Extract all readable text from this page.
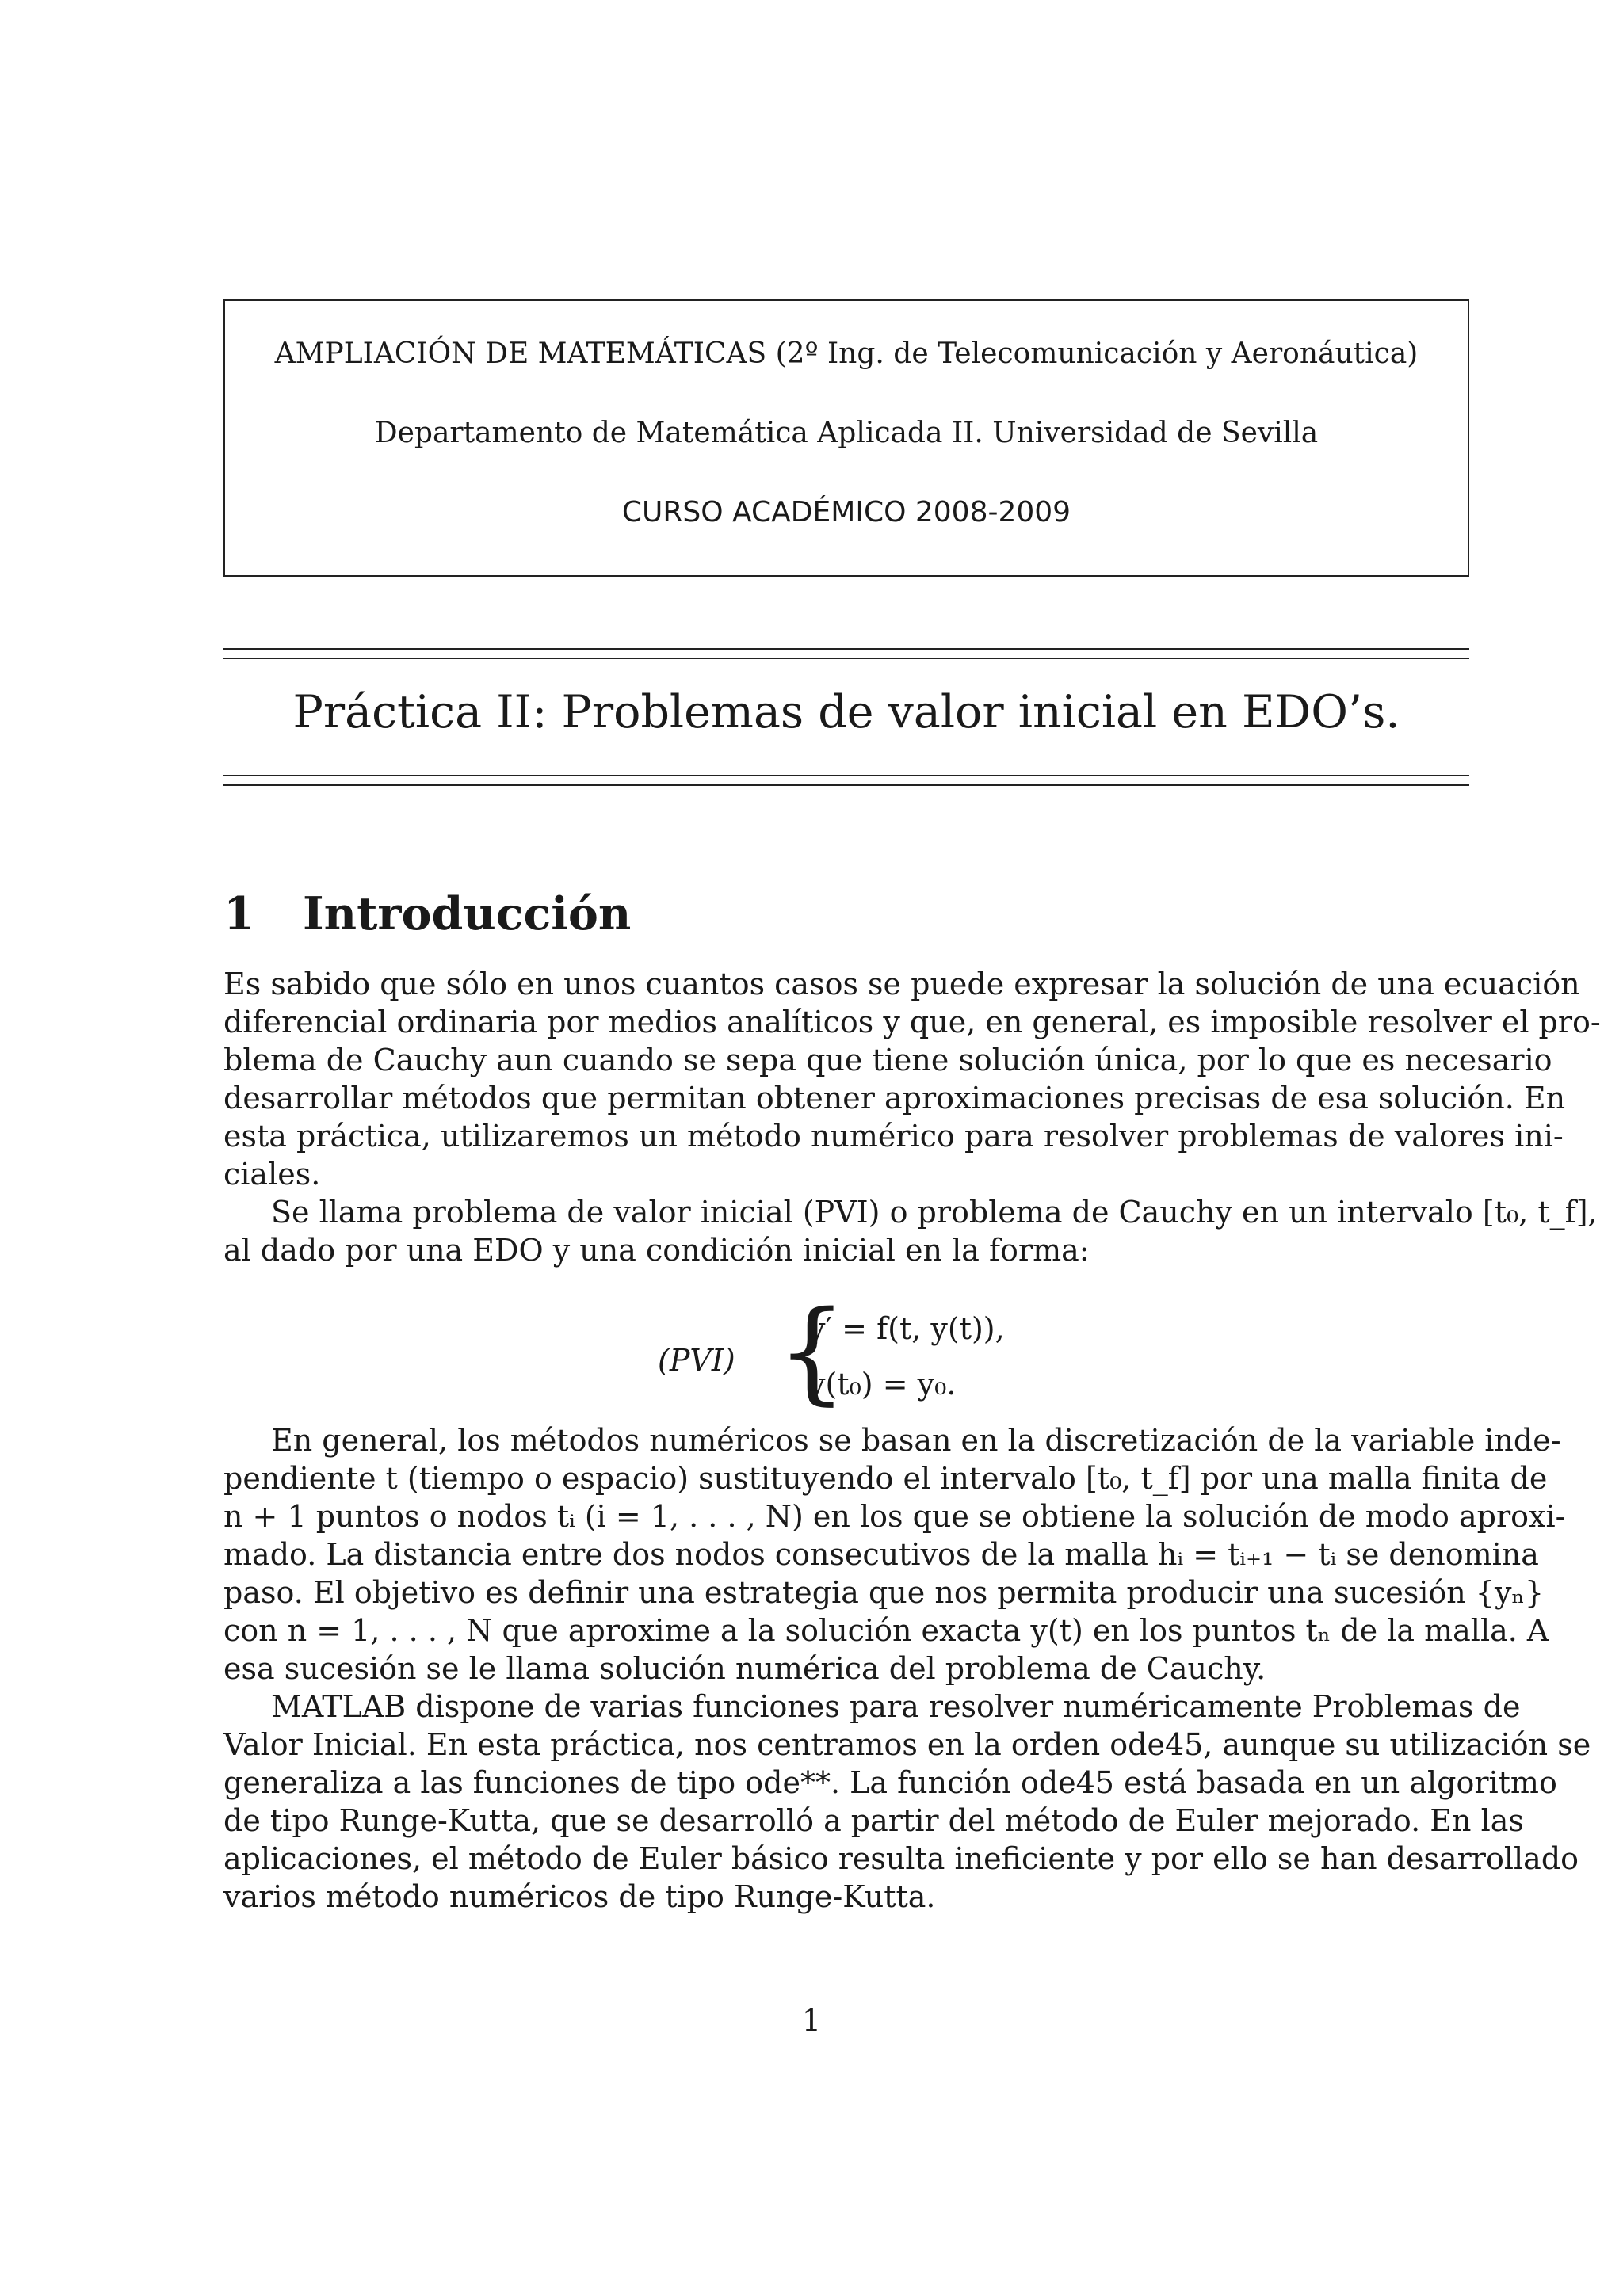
AMPLIACIÓN DE MATEMÁTICAS (2º Ing. de Telecomunicación y Aeronáutica)
Departamento de Matemática Aplicada II. Universidad de Sevilla
CURSO ACADÉMICO 2008-2009
Práctica II: Problemas de valor inicial en EDO’s.
1 Introducción
Es sabido que sólo en unos cuantos casos se puede expresar la solución de una ecuación
diferencial ordinaria por medios analíticos y que, en general, es imposible resolver el pro-
blema de Cauchy aun cuando se sepa que tiene solución única, por lo que es necesario
desarrollar métodos que permitan obtener aproximaciones precisas de esa solución. En
esta práctica, utilizaremos un método numérico para resolver problemas de valores ini-
ciales.
Se llama problema de valor inicial (PVI) o problema de Cauchy en un intervalo [t₀, t_f],
al dado por una EDO y una condición inicial en la forma:
(PVI) {
y′ = f(t, y(t)),
y(t₀) = y₀.
En general, los métodos numéricos se basan en la discretización de la variable inde-
pendiente t (tiempo o espacio) sustituyendo el intervalo [t₀, t_f] por una malla finita de
n + 1 puntos o nodos tᵢ (i = 1, . . . , N) en los que se obtiene la solución de modo aproxi-
mado. La distancia entre dos nodos consecutivos de la malla hᵢ = tᵢ₊₁ − tᵢ se denomina
paso. El objetivo es definir una estrategia que nos permita producir una sucesión {yₙ}
con n = 1, . . . , N que aproxime a la solución exacta y(t) en los puntos tₙ de la malla. A
esa sucesión se le llama solución numérica del problema de Cauchy.
MATLAB dispone de varias funciones para resolver numéricamente Problemas de
Valor Inicial. En esta práctica, nos centramos en la orden ode45, aunque su utilización se
generaliza a las funciones de tipo ode**. La función ode45 está basada en un algoritmo
de tipo Runge-Kutta, que se desarrolló a partir del método de Euler mejorado. En las
aplicaciones, el método de Euler básico resulta ineficiente y por ello se han desarrollado
varios método numéricos de tipo Runge-Kutta.
1
